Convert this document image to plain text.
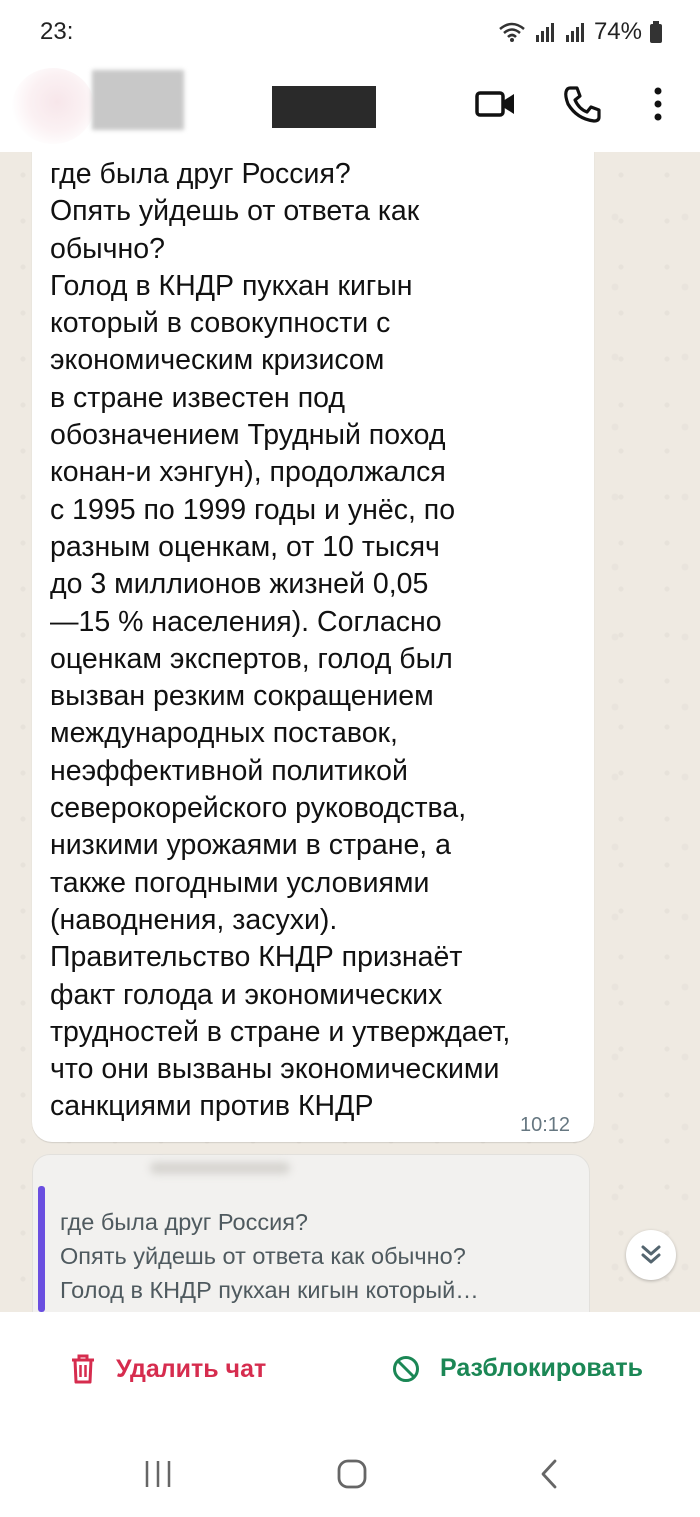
23:	74%
где была друг Россия?
Опять уйдешь от ответа как
обычно?
Голод в КНДР пукхан кигын
который в совокупности с
экономическим кризисом
в стране известен под
обозначением Трудный поход
конан-и хэнгун), продолжался
с 1995 по 1999 годы и унёс, по
разным оценкам, от 10 тысяч
до 3 миллионов жизней 0,05
—15 % населения). Согласно
оценкам экспертов, голод был
вызван резким сокращением
международных поставок,
неэффективной политикой
северокорейского руководства,
низкими урожаями в стране, а
также погодными условиями
(наводнения, засухи).
Правительство КНДР признаёт
факт голода и экономических
трудностей в стране и утверждает,
что они вызваны экономическими
санкциями против КНДР
10:12
где была друг Россия?
Опять уйдешь от ответа как обычно?
Голод в КНДР пукхан кигын который…
Удалить чат	Разблокировать
